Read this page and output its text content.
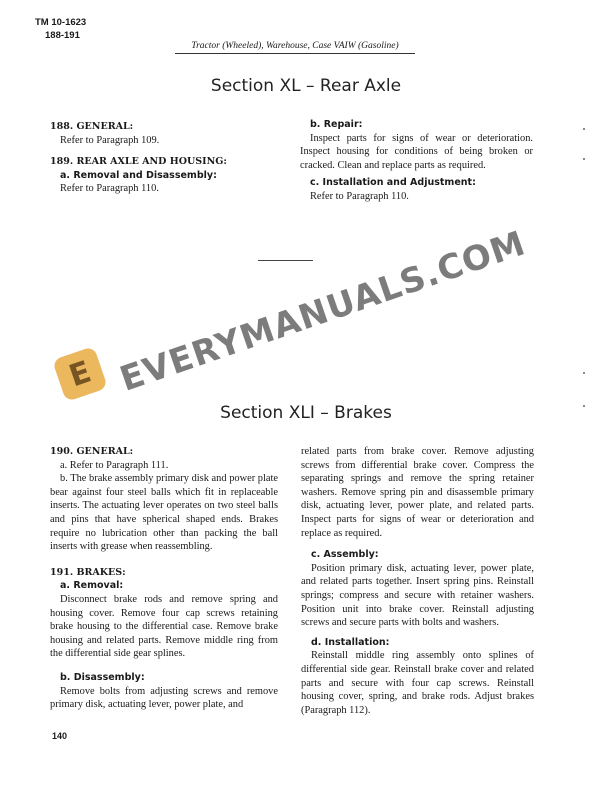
TM 10-1623
188-191
Tractor (Wheeled), Warehouse, Case VAIW (Gasoline)
Section XL – Rear Axle
188. GENERAL:

Refer to Paragraph 109.

189. REAR AXLE AND HOUSING:
a. Removal and Disassembly:

Refer to Paragraph 110.

b. Repair:

Inspect parts for signs of wear or deterioration. Inspect housing for conditions of being broken or cracked. Clean and replace parts as required.

c. Installation and Adjustment:

Refer to Paragraph 110.

E EVERYMANUALS.COM
Section XLI – Brakes
190. GENERAL:

a. Refer to Paragraph 111.

b. The brake assembly primary disk and power plate bear against four steel balls which fit in replaceable inserts. The actuating lever operates on two steel balls and pins that have spherical shaped ends. Brakes require no lubrication other than packing the ball inserts with grease when reassembling.

191. BRAKES:
a. Removal:

Disconnect brake rods and remove spring and housing cover. Remove four cap screws retaining brake housing to the differential case. Remove brake housing and related parts. Remove middle ring from the differential side gear splines.

b. Disassembly:

Remove bolts from adjusting screws and remove primary disk, actuating lever, power plate, and

related parts from brake cover. Remove adjusting screws from differential brake cover. Compress the separating springs and remove the spring retainer washers. Remove spring pin and disassemble primary disk, actuating lever, power plate, and related parts. Inspect parts for signs of wear or deterioration and replace as required.

c. Assembly:

Position primary disk, actuating lever, power plate, and related parts together. Insert spring pins. Reinstall springs; compress and secure with retainer washers. Position unit into brake cover. Reinstall adjusting screws and secure parts with bolts and washers.

d. Installation:

Reinstall middle ring assembly onto splines of differential side gear. Reinstall brake cover and related parts and secure with four cap screws. Reinstall housing cover, spring, and brake rods. Adjust brakes (Paragraph 112).

140
